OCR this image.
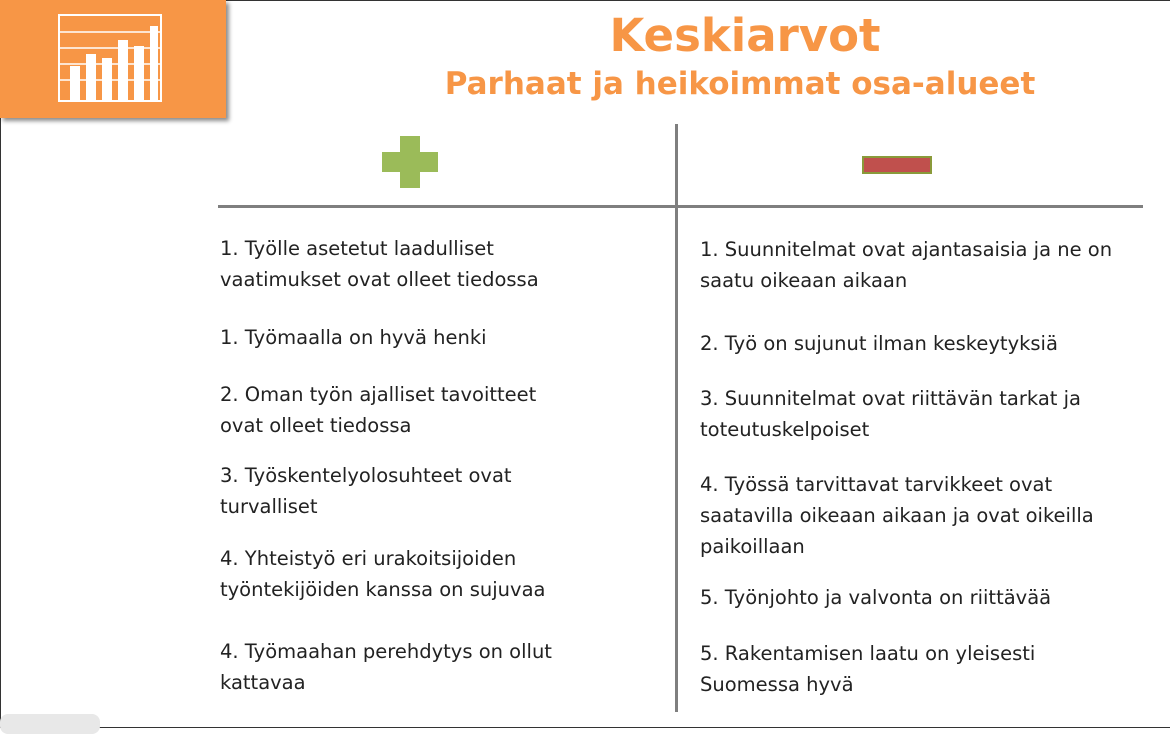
Keskiarvot
Parhaat ja heikoimmat osa-alueet
1. Työlle asetetut laadulliset
vaatimukset ovat olleet tiedossa
1. Työmaalla on hyvä henki
2. Oman työn ajalliset tavoitteet
ovat olleet tiedossa
3. Työskentelyolosuhteet ovat
turvalliset
4. Yhteistyö eri urakoitsijoiden
työntekijöiden kanssa on sujuvaa
4. Työmaahan perehdytys on ollut
kattavaa
1. Suunnitelmat ovat ajantasaisia ja ne on
saatu oikeaan aikaan
2. Työ on sujunut ilman keskeytyksiä
3. Suunnitelmat ovat riittävän tarkat ja
toteutuskelpoiset
4. Työssä tarvittavat tarvikkeet ovat
saatavilla oikeaan aikaan ja ovat oikeilla
paikoillaan
5. Työnjohto ja valvonta on riittävää
5. Rakentamisen laatu on yleisesti
Suomessa hyvä
